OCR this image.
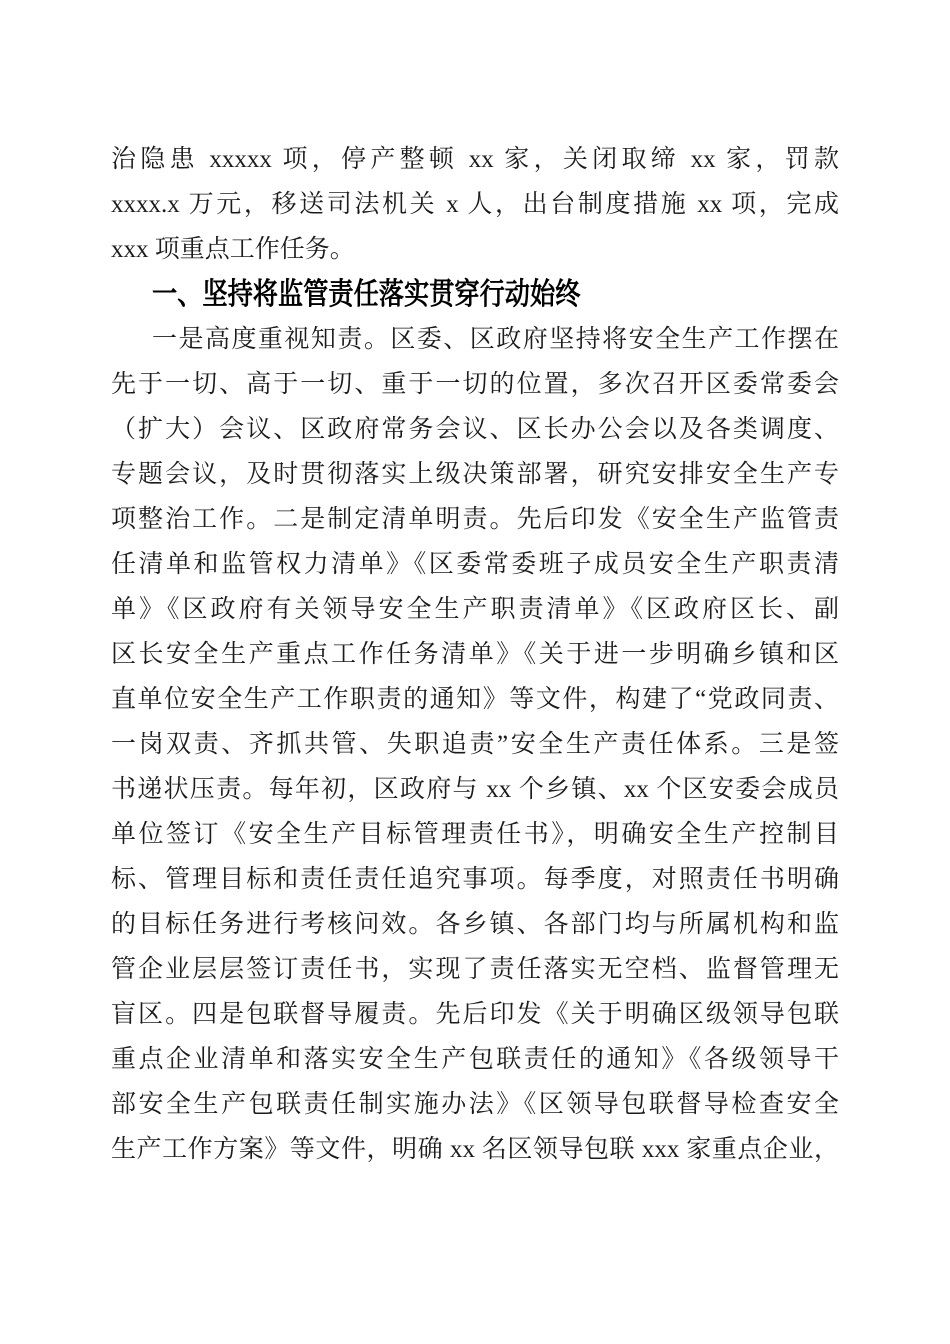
治隐患 xxxxx 项，停产整顿 xx 家，关闭取缔 xx 家，罚款
xxxx.x 万元，移送司法机关 x 人，出台制度措施 xx 项，完成
xxx 项重点工作任务。
一、坚持将监管责任落实贯穿行动始终
一是高度重视知责。区委、区政府坚持将安全生产工作摆在
先于一切、高于一切、重于一切的位置，多次召开区委常委会
（扩大）会议、区政府常务会议、区长办公会以及各类调度、
专题会议，及时贯彻落实上级决策部署，研究安排安全生产专
项整治工作。二是制定清单明责。先后印发《安全生产监管责
任清单和监管权力清单》《区委常委班子成员安全生产职责清
单》《区政府有关领导安全生产职责清单》《区政府区长、副
区长安全生产重点工作任务清单》《关于进一步明确乡镇和区
直单位安全生产工作职责的通知》等文件，构建了“党政同责、
一岗双责、齐抓共管、失职追责”安全生产责任体系。三是签
书递状压责。每年初，区政府与 xx 个乡镇、xx 个区安委会成员
单位签订《安全生产目标管理责任书》，明确安全生产控制目
标、管理目标和责任责任追究事项。每季度，对照责任书明确
的目标任务进行考核问效。各乡镇、各部门均与所属机构和监
管企业层层签订责任书，实现了责任落实无空档、监督管理无
盲区。四是包联督导履责。先后印发《关于明确区级领导包联
重点企业清单和落实安全生产包联责任的通知》《各级领导干
部安全生产包联责任制实施办法》《区领导包联督导检查安全
生产工作方案》等文件，明确 xx 名区领导包联 xxx 家重点企业，
